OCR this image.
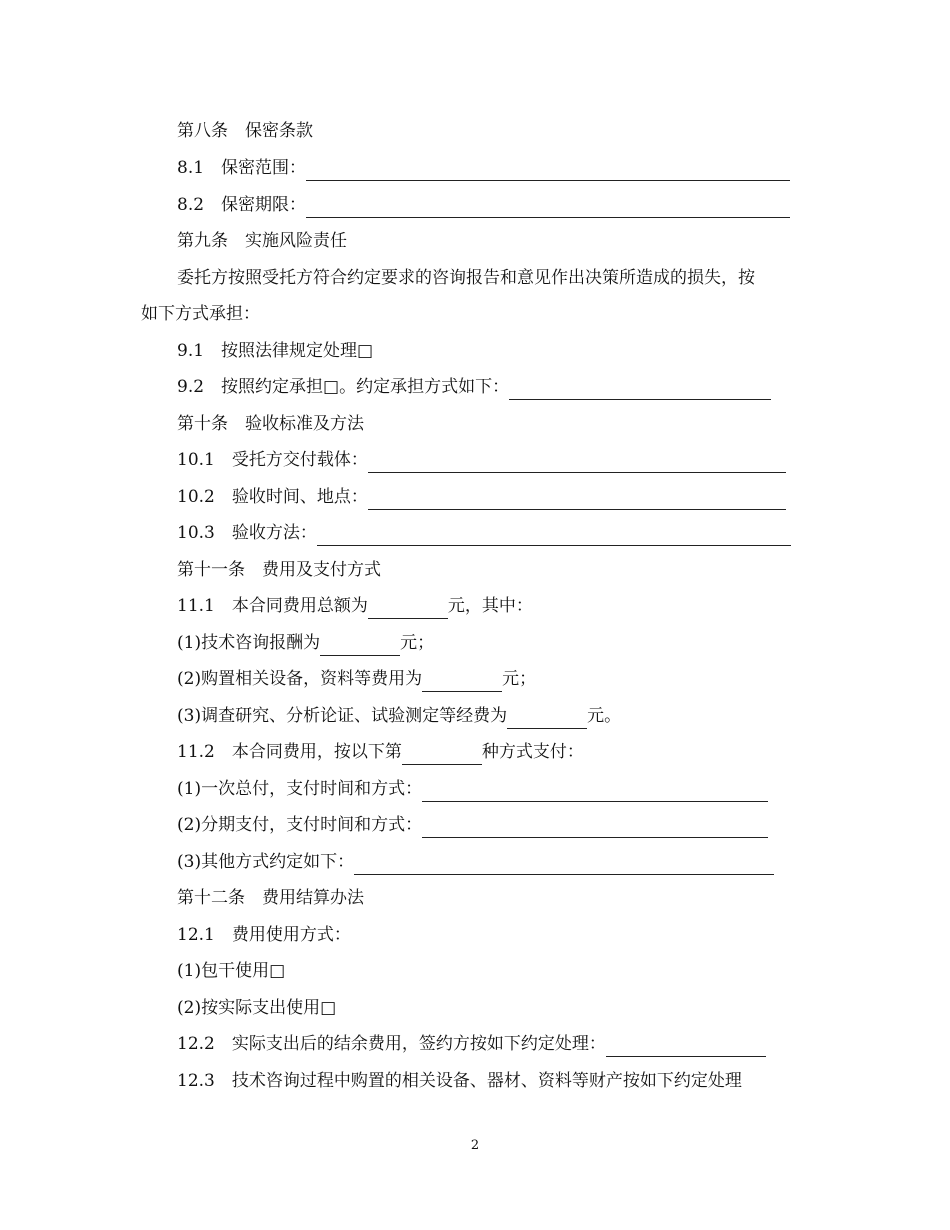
第八条　保密条款
8.1　保密范围：
8.2　保密期限：
第九条　实施风险责任
委托方按照受托方符合约定要求的咨询报告和意见作出决策所造成的损失，按
如下方式承担：
9.1　按照法律规定处理□
9.2　按照约定承担□。约定承担方式如下：
第十条　验收标准及方法
10.1　受托方交付载体：
10.2　验收时间、地点：
10.3　验收方法：
第十一条　费用及支付方式
11.1　本合同费用总额为	元，其中：
(1)技术咨询报酬为	元；
(2)购置相关设备，资料等费用为	元；
(3)调查研究、分析论证、试验测定等经费为	元。
11.2　本合同费用，按以下第	种方式支付：
(1)一次总付，支付时间和方式：
(2)分期支付，支付时间和方式：
(3)其他方式约定如下：
第十二条　费用结算办法
12.1　费用使用方式：
(1)包干使用□
(2)按实际支出使用□
12.2　实际支出后的结余费用，签约方按如下约定处理：
12.3　技术咨询过程中购置的相关设备、器材、资料等财产按如下约定处理
2
